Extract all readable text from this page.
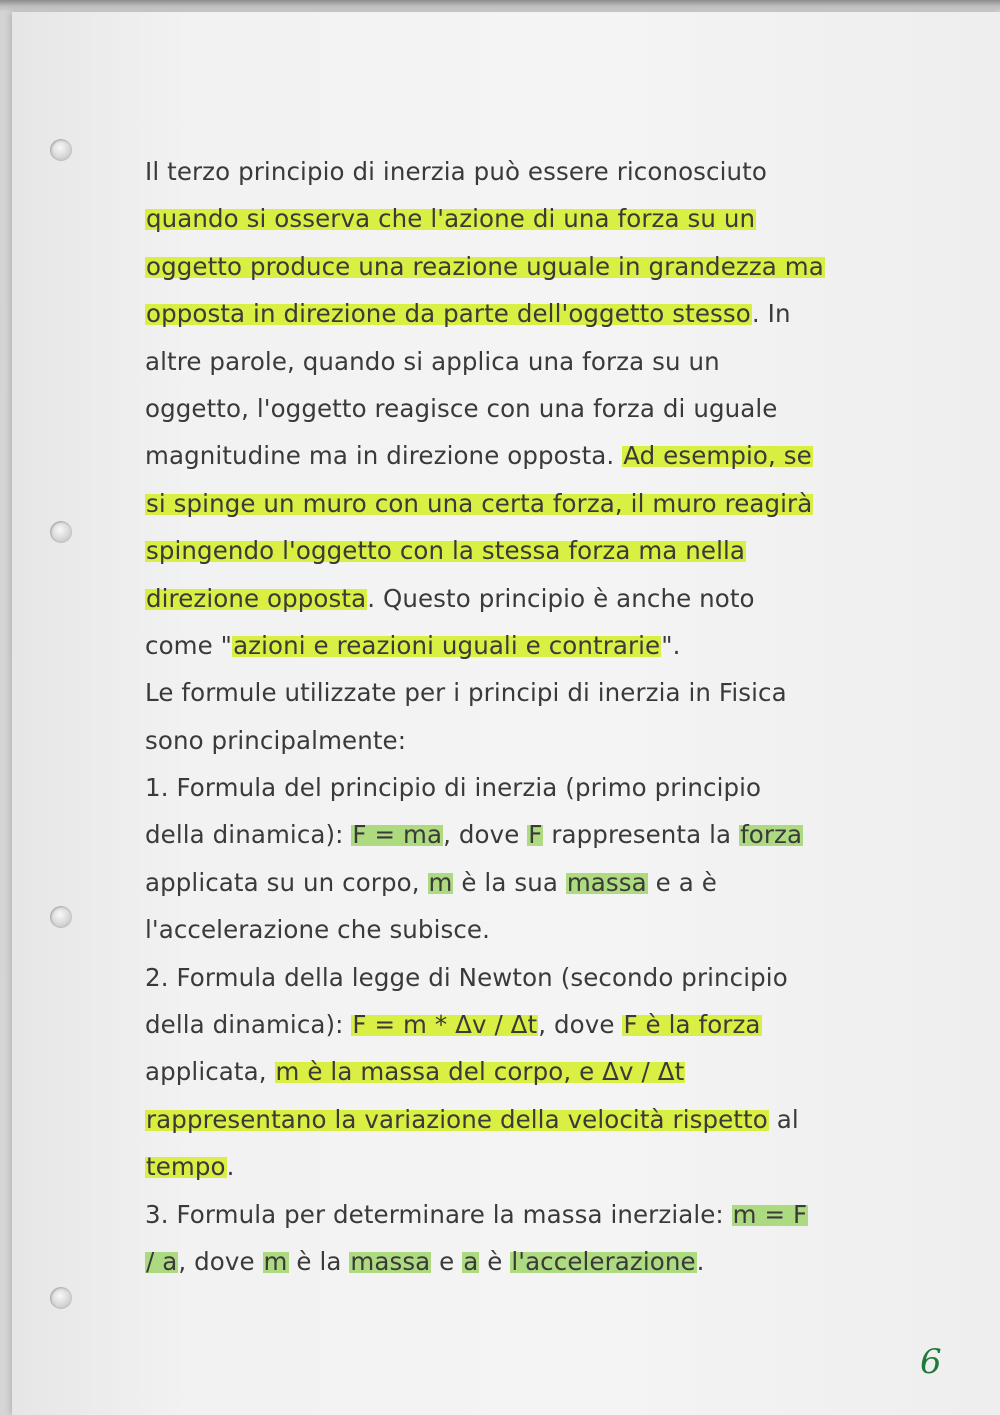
Il terzo principio di inerzia può essere riconosciuto
quando si osserva che l'azione di una forza su un
oggetto produce una reazione uguale in grandezza ma
opposta in direzione da parte dell'oggetto stesso. In
altre parole, quando si applica una forza su un
oggetto, l'oggetto reagisce con una forza di uguale
magnitudine ma in direzione opposta. Ad esempio, se
si spinge un muro con una certa forza, il muro reagirà
spingendo l'oggetto con la stessa forza ma nella
direzione opposta. Questo principio è anche noto
come "azioni e reazioni uguali e contrarie".
Le formule utilizzate per i principi di inerzia in Fisica
sono principalmente:
1. Formula del principio di inerzia (primo principio
della dinamica): F = ma, dove F rappresenta la forza
applicata su un corpo, m è la sua massa e a è
l'accelerazione che subisce.
2. Formula della legge di Newton (secondo principio
della dinamica): F = m * Δv / Δt, dove F è la forza
applicata, m è la massa del corpo, e Δv / Δt
rappresentano la variazione della velocità rispetto al
tempo.
3. Formula per determinare la massa inerziale: m = F
/ a, dove m è la massa e a è l'accelerazione.
6
